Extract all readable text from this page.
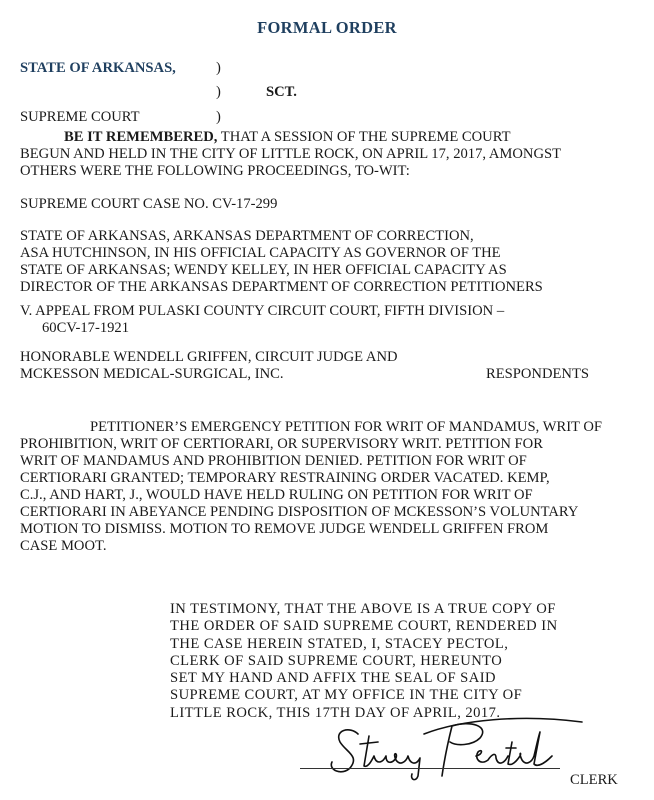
FORMAL ORDER
STATE OF ARKANSAS,	)
)	SCT.
SUPREME COURT	)
BE IT REMEMBERED, THAT A SESSION OF THE SUPREME COURT
BEGUN AND HELD IN THE CITY OF LITTLE ROCK, ON APRIL 17, 2017, AMONGST
OTHERS WERE THE FOLLOWING PROCEEDINGS, TO-WIT:
SUPREME COURT CASE NO. CV-17-299
STATE OF ARKANSAS, ARKANSAS DEPARTMENT OF CORRECTION,
ASA HUTCHINSON, IN HIS OFFICIAL CAPACITY AS GOVERNOR OF THE
STATE OF ARKANSAS; WENDY KELLEY, IN HER OFFICIAL CAPACITY AS
DIRECTOR OF THE ARKANSAS DEPARTMENT OF CORRECTION PETITIONERS
V. APPEAL FROM PULASKI COUNTY CIRCUIT COURT, FIFTH DIVISION –
60CV-17-1921
HONORABLE WENDELL GRIFFEN, CIRCUIT JUDGE AND
MCKESSON MEDICAL-SURGICAL, INC.	RESPONDENTS
PETITIONER’S EMERGENCY PETITION FOR WRIT OF MANDAMUS, WRIT OF
PROHIBITION, WRIT OF CERTIORARI, OR SUPERVISORY WRIT. PETITION FOR
WRIT OF MANDAMUS AND PROHIBITION DENIED. PETITION FOR WRIT OF
CERTIORARI GRANTED; TEMPORARY RESTRAINING ORDER VACATED. KEMP,
C.J., AND HART, J., WOULD HAVE HELD RULING ON PETITION FOR WRIT OF
CERTIORARI IN ABEYANCE PENDING DISPOSITION OF MCKESSON’S VOLUNTARY
MOTION TO DISMISS. MOTION TO REMOVE JUDGE WENDELL GRIFFEN FROM
CASE MOOT.
IN TESTIMONY, THAT THE ABOVE IS A TRUE COPY OF
THE ORDER OF SAID SUPREME COURT, RENDERED IN
THE CASE HEREIN STATED, I, STACEY PECTOL,
CLERK OF SAID SUPREME COURT, HEREUNTO
SET MY HAND AND AFFIX THE SEAL OF SAID
SUPREME COURT, AT MY OFFICE IN THE CITY OF
LITTLE ROCK, THIS 17TH DAY OF APRIL, 2017.
CLERK
